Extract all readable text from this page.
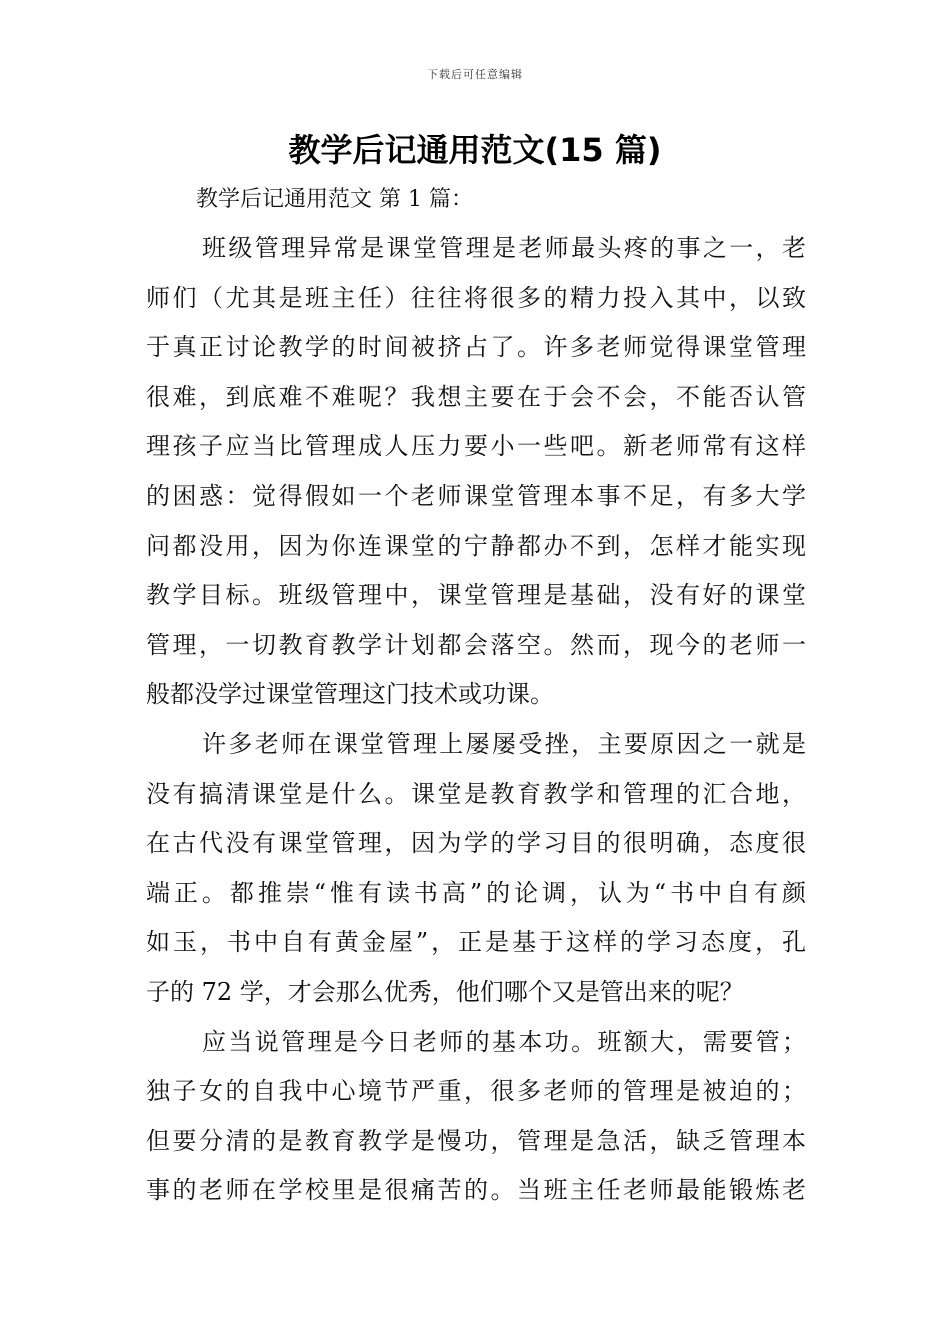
下载后可任意编辑
教学后记通用范文(15 篇)
教学后记通用范文 第 1 篇：
班级管理异常是课堂管理是老师最头疼的事之一，老
师们（尤其是班主任）往往将很多的精力投入其中，以致
于真正讨论教学的时间被挤占了。许多老师觉得课堂管理
很难，到底难不难呢？我想主要在于会不会，不能否认管
理孩子应当比管理成人压力要小一些吧。新老师常有这样
的困惑：觉得假如一个老师课堂管理本事不足，有多大学
问都没用，因为你连课堂的宁静都办不到，怎样才能实现
教学目标。班级管理中，课堂管理是基础，没有好的课堂
管理，一切教育教学计划都会落空。然而，现今的老师一
般都没学过课堂管理这门技术或功课。
许多老师在课堂管理上屡屡受挫，主要原因之一就是
没有搞清课堂是什么。课堂是教育教学和管理的汇合地，
在古代没有课堂管理，因为学的学习目的很明确，态度很
端正。都推崇“惟有读书高”的论调，认为“书中自有颜
如玉，书中自有黄金屋”，正是基于这样的学习态度，孔
子的 72 学，才会那么优秀，他们哪个又是管出来的呢？
应当说管理是今日老师的基本功。班额大，需要管；
独子女的自我中心境节严重，很多老师的管理是被迫的；
但要分清的是教育教学是慢功，管理是急活，缺乏管理本
事的老师在学校里是很痛苦的。当班主任老师最能锻炼老
